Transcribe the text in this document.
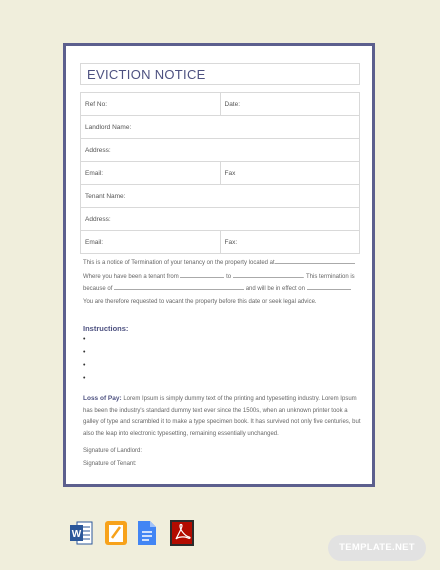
EVICTION NOTICE
Ref No:	Date:
Landlord Name:	
Address:	
Email:	Fax
Tenant Name:	
Address:	
Email:	Fax:
This is a notice of Termination of your tenancy on the property located at
Where you have been a tenant from	to	. This termination is
because of	and will be in effect on
You are therefore requested to vacant the property before this date or seek legal advice.
Instructions:
•
•
•
•
Loss of Pay: Lorem Ipsum is simply dummy text of the printing and typesetting industry. Lorem Ipsum has been the industry's standard dummy text ever since the 1500s, when an unknown printer took a galley of type and scrambled it to make a type specimen book. It has survived not only five centuries, but also the leap into electronic typesetting, remaining essentially unchanged.
Signature of Landlord:
Signature of Tenant:
W
TEMPLATE.NET
